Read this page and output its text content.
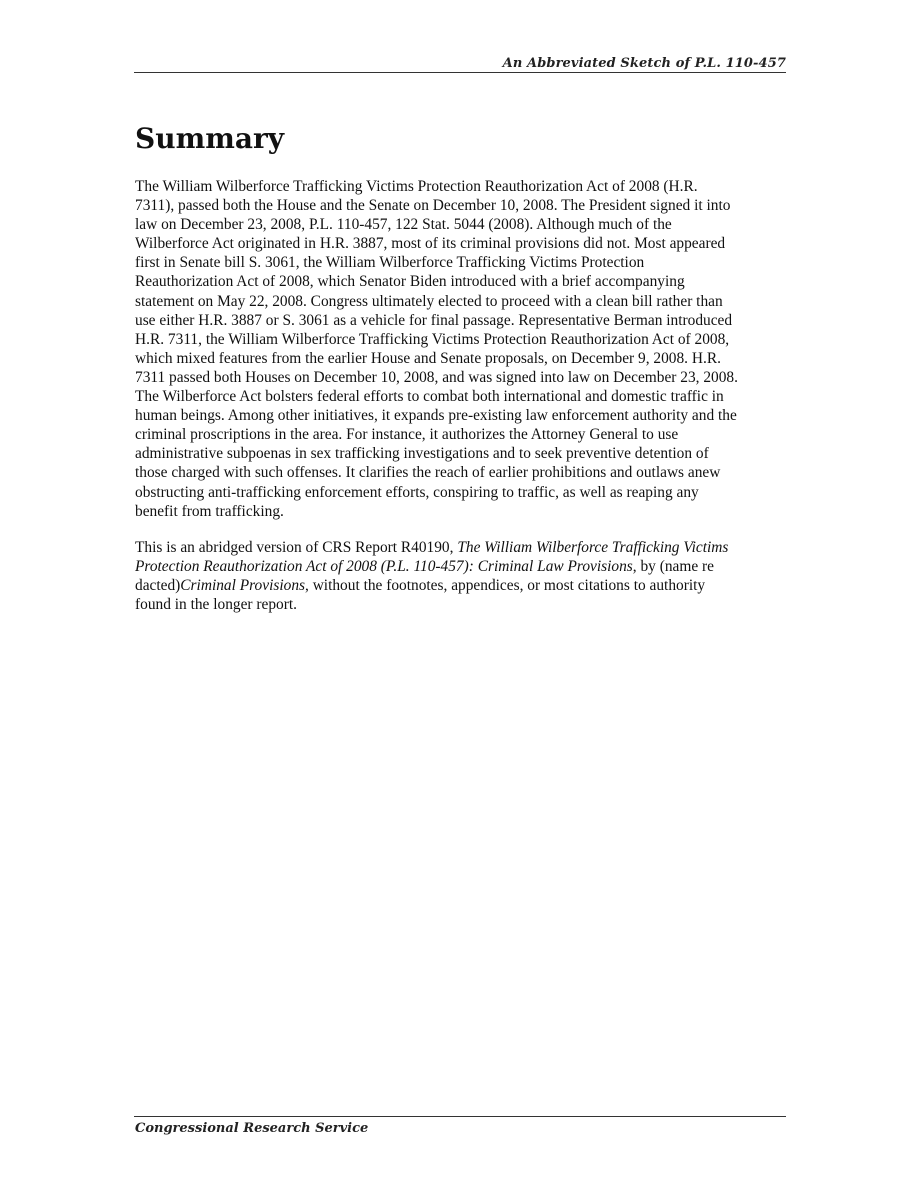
An Abbreviated Sketch of P.L. 110-457
Summary

The William Wilberforce Trafficking Victims Protection Reauthorization Act of 2008 (H.R.
7311), passed both the House and the Senate on December 10, 2008. The President signed it into
law on December 23, 2008, P.L. 110-457, 122 Stat. 5044 (2008). Although much of the
Wilberforce Act originated in H.R. 3887, most of its criminal provisions did not. Most appeared
first in Senate bill S. 3061, the William Wilberforce Trafficking Victims Protection
Reauthorization Act of 2008, which Senator Biden introduced with a brief accompanying
statement on May 22, 2008. Congress ultimately elected to proceed with a clean bill rather than
use either H.R. 3887 or S. 3061 as a vehicle for final passage. Representative Berman introduced
H.R. 7311, the William Wilberforce Trafficking Victims Protection Reauthorization Act of 2008,
which mixed features from the earlier House and Senate proposals, on December 9, 2008. H.R.
7311 passed both Houses on December 10, 2008, and was signed into law on December 23, 2008.
The Wilberforce Act bolsters federal efforts to combat both international and domestic traffic in
human beings. Among other initiatives, it expands pre-existing law enforcement authority and the
criminal proscriptions in the area. For instance, it authorizes the Attorney General to use
administrative subpoenas in sex trafficking investigations and to seek preventive detention of
those charged with such offenses. It clarifies the reach of earlier prohibitions and outlaws anew
obstructing anti-trafficking enforcement efforts, conspiring to traffic, as well as reaping any
benefit from trafficking.

This is an abridged version of CRS Report R40190, The William Wilberforce Trafficking Victims
Protection Reauthorization Act of 2008 (P.L. 110-457): Criminal Law Provisions, by (name re
dacted)Criminal Provisions, without the footnotes, appendices, or most citations to authority
found in the longer report.

Congressional Research Service
